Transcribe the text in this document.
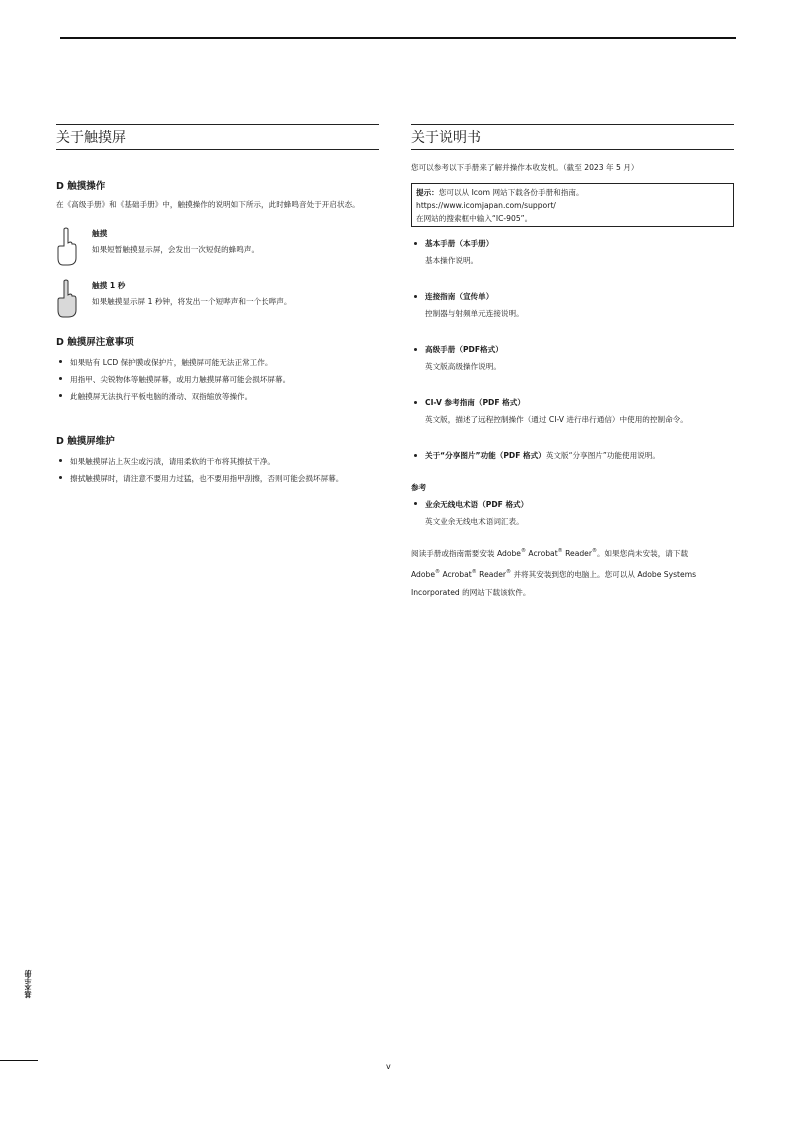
关于触摸屏

D 触摸操作

在《高级手册》和《基础手册》中，触摸操作的说明如下所示，此时蜂鸣音处于开启状态。

触摸

如果短暂触摸显示屏，会发出一次短促的蜂鸣声。

触摸 1 秒

如果触摸显示屏 1 秒钟，将发出一个短哔声和一个长哔声。

D 触摸屏注意事项

如果贴有 LCD 保护膜或保护片，触摸屏可能无法正常工作。
用指甲、尖锐物体等触摸屏幕，或用力触摸屏幕可能会损坏屏幕。
此触摸屏无法执行平板电脑的滑动、双指缩放等操作。

D 触摸屏维护

如果触摸屏沾上灰尘或污渍，请用柔软的干布将其擦拭干净。
擦拭触摸屏时，请注意不要用力过猛，也不要用指甲刮擦，否则可能会损坏屏幕。
关于说明书

您可以参考以下手册来了解并操作本收发机。（截至 2023 年 5 月）

提示：您可以从 Icom 网站下载各份手册和指南。
https://www.icomjapan.com/support/
在网站的搜索框中输入“IC-905”。
基本手册（本手册）
基本操作说明。
连接指南（宣传单）
控制器与射频单元连接说明。
高级手册（PDF格式）
英文版高级操作说明。
CI-V 参考指南（PDF 格式）
英文版，描述了远程控制操作（通过 CI-V 进行串行通信）中使用的控制命令。
关于“分享图片”功能（PDF 格式）英文版“分享图片”功能使用说明。

参考

业余无线电术语（PDF 格式）
英文业余无线电术语词汇表。

阅读手册或指南需要安装 Adobe® Acrobat® Reader®。如果您尚未安装，请下载
Adobe® Acrobat® Reader® 并将其安装到您的电脑上。您可以从 Adobe Systems Incorporated 的网站下载该软件。

基本手册
v
